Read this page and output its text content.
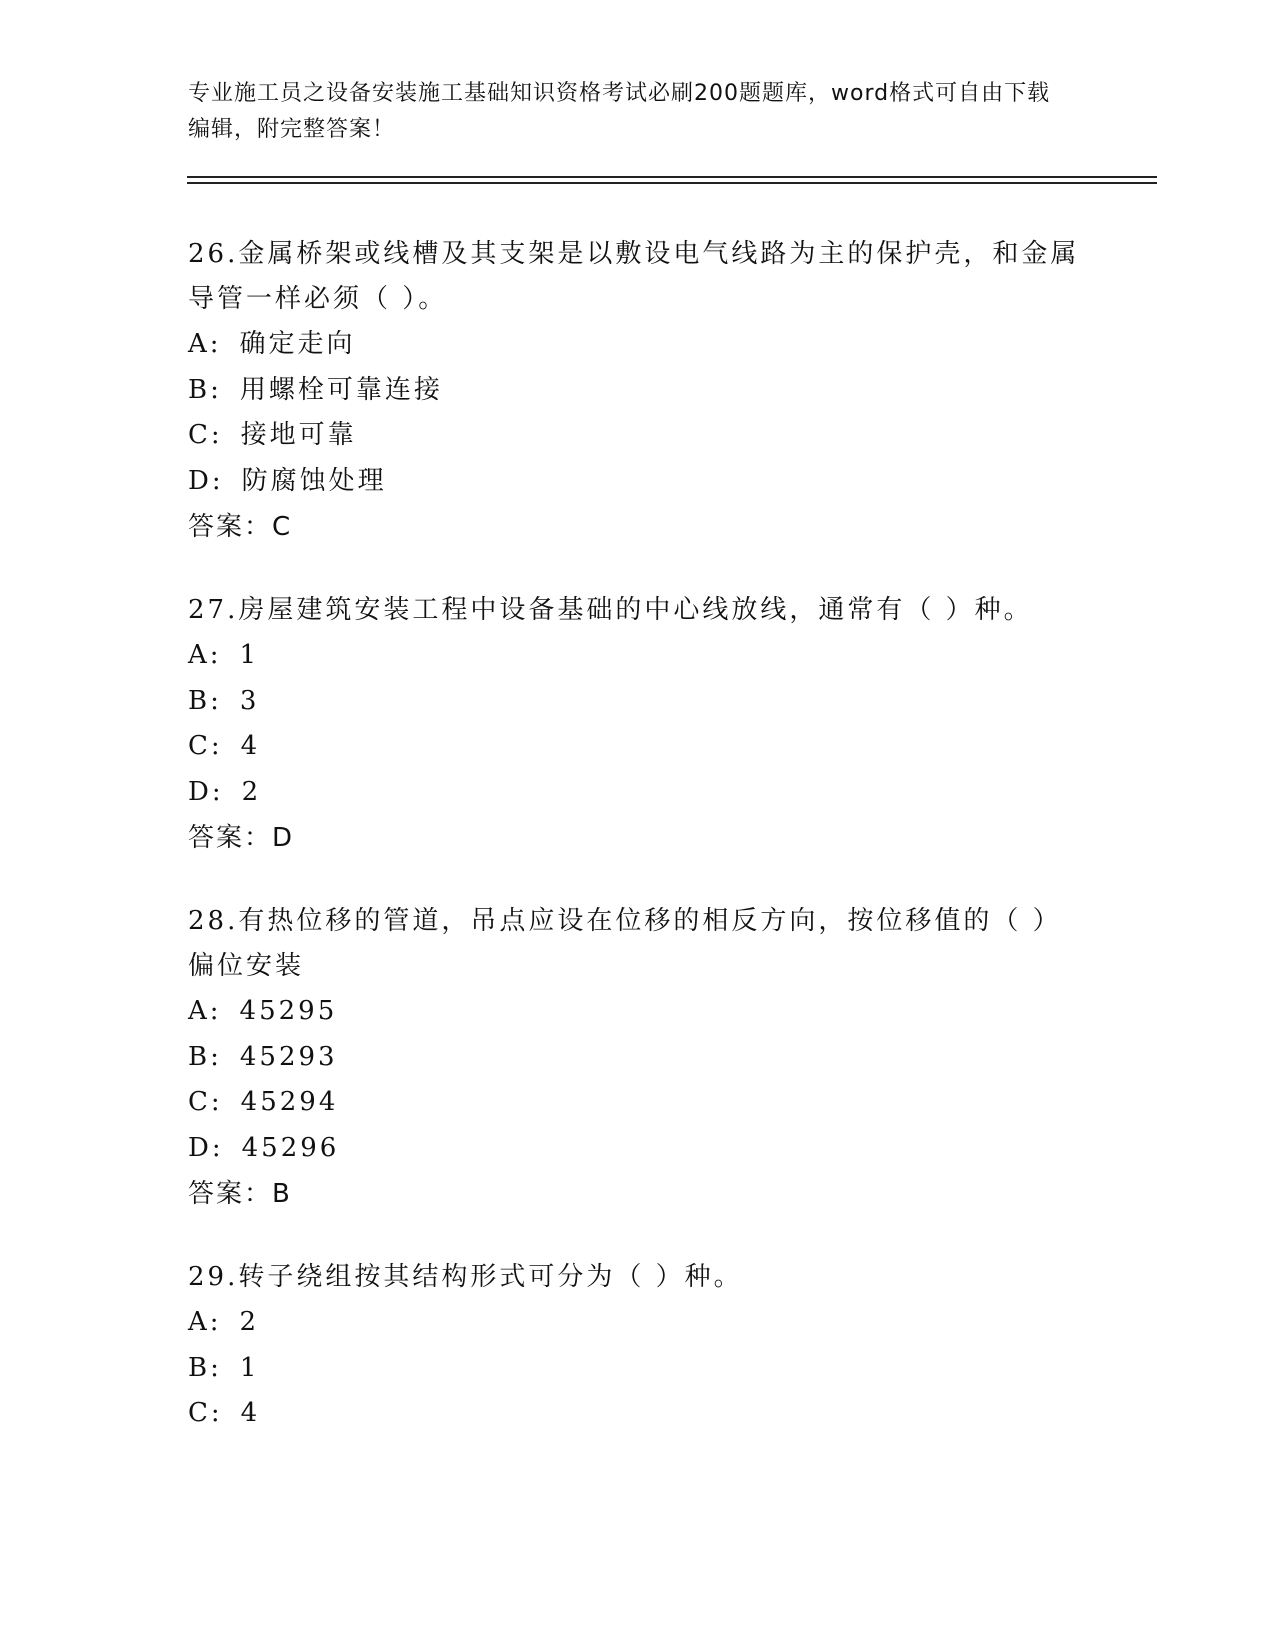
专业施工员之设备安装施工基础知识资格考试必刷200题题库，word格式可自由下载编辑，附完整答案！
26.金属桥架或线槽及其支架是以敷设电气线路为主的保护壳，和金属导管一样必须（ ）。
A: 确定走向
B: 用螺栓可靠连接
C: 接地可靠
D: 防腐蚀处理
答案：C
27.房屋建筑安装工程中设备基础的中心线放线，通常有（ ）种。
A: 1
B: 3
C: 4
D: 2
答案：D
28.有热位移的管道，吊点应设在位移的相反方向，按位移值的（ ）偏位安装
A: 45295
B: 45293
C: 45294
D: 45296
答案：B
29.转子绕组按其结构形式可分为（ ）种。
A: 2
B: 1
C: 4
